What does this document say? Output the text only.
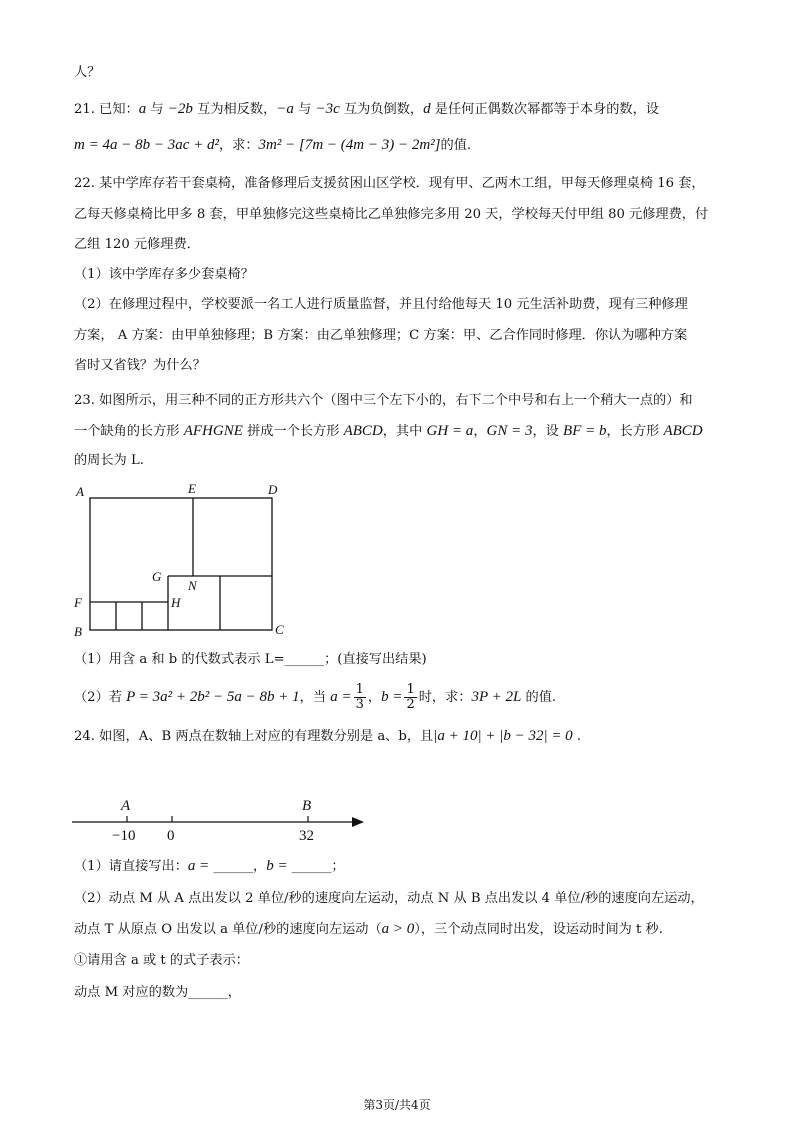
人？
21. 已知：a 与 −2b 互为相反数，−a 与 −3c 互为负倒数，d 是任何正偶数次幂都等于本身的数，设
m = 4a − 8b − 3ac + d²，求：3m² − [7m − (4m − 3) − 2m²]的值.
22. 某中学库存若干套桌椅，准备修理后支援贫困山区学校．现有甲、乙两木工组，甲每天修理桌椅 16 套，
乙每天修桌椅比甲多 8 套，甲单独修完这些桌椅比乙单独修完多用 20 天，学校每天付甲组 80 元修理费，付
乙组 120 元修理费．
（1）该中学库存多少套桌椅？
（2）在修理过程中，学校要派一名工人进行质量监督，并且付给他每天 10 元生活补助费，现有三种修理
方案， A 方案：由甲单独修理；B 方案：由乙单独修理；C 方案：甲、乙合作同时修理．你认为哪种方案
省时又省钱？为什么？
23. 如图所示，用三种不同的正方形共六个（图中三个左下小的，右下二个中号和右上一个稍大一点的）和
一个缺角的长方形 AFHGNE 拼成一个长方形 ABCD，其中 GH = a，GN = 3，设 BF = b，长方形 ABCD
的周长为 L.
A	E	D
G
N
F	H
B	C
（1）用含 a 和 b 的代数式表示 L=______；(直接写出结果)
（2）若 P = 3a² + 2b² − 5a − 8b + 1，当 $a = \frac{1}{3}$ ，$b = \frac{1}{2}$ 时，求：3P + 2L 的值.
24. 如图，A、B 两点在数轴上对应的有理数分别是 a、b，且|a + 10| + |b − 32| = 0 .
A	B
−10 0	32
（1）请直接写出：a = ______，b = ______；
（2）动点 M 从 A 点出发以 2 单位/秒的速度向左运动，动点 N 从 B 点出发以 4 单位/秒的速度向左运动，
动点 T 从原点 O 出发以 a 单位/秒的速度向左运动（a > 0），三个动点同时出发，设运动时间为 t 秒.
①请用含 a 或 t 的式子表示：
动点 M 对应的数为______，
第3页/共4页
